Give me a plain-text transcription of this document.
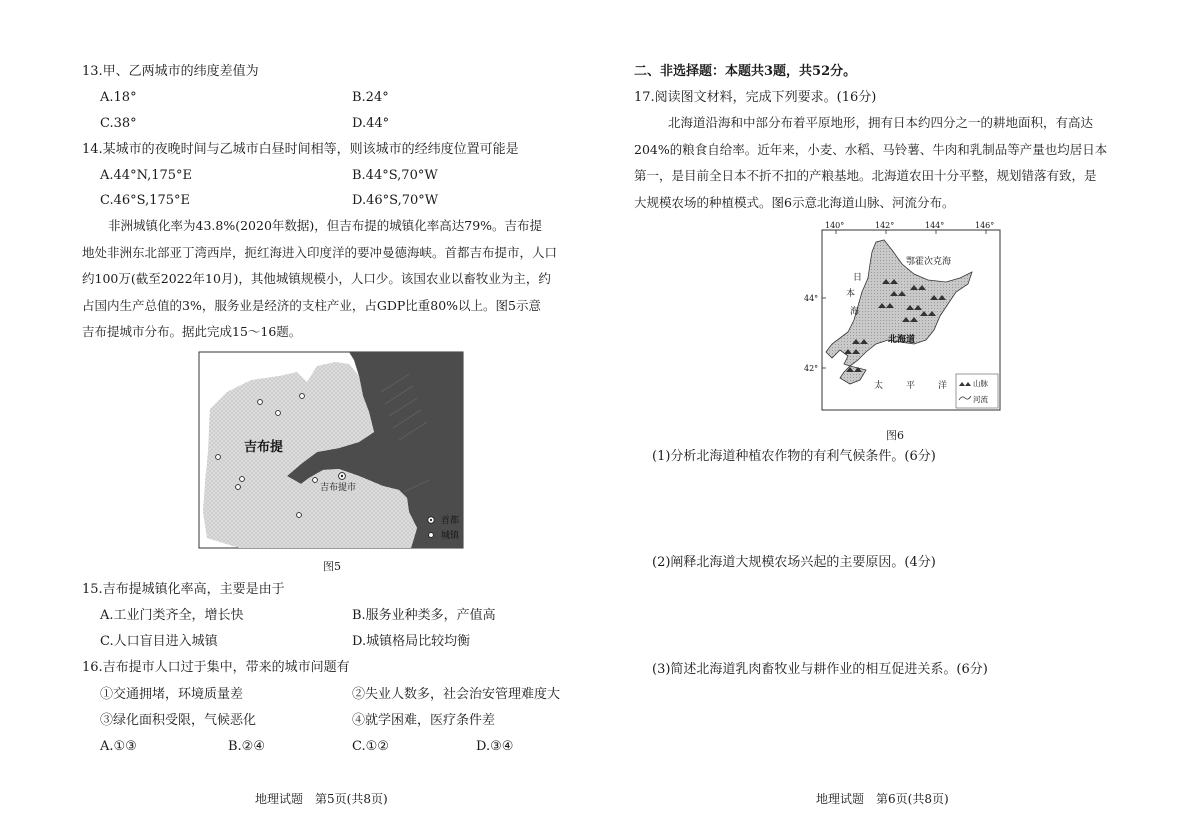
13.甲、乙两城市的纬度差值为
A.18°	B.24°
C.38°	D.44°
14.某城市的夜晚时间与乙城市白昼时间相等，则该城市的经纬度位置可能是
A.44°N,175°E	B.44°S,70°W
C.46°S,175°E	D.46°S,70°W
非洲城镇化率为43.8%(2020年数据)，但吉布提的城镇化率高达79%。吉布提
地处非洲东北部亚丁湾西岸，扼红海进入印度洋的要冲曼德海峡。首都吉布提市，人口
约100万(截至2022年10月)，其他城镇规模小，人口少。该国农业以畜牧业为主，约
占国内生产总值的3%，服务业是经济的支柱产业，占GDP比重80%以上。图5示意
吉布提城市分布。据此完成15～16题。
吉布提
吉布提市
首都
城镇
图5
15.吉布提城镇化率高，主要是由于
A.工业门类齐全，增长快	B.服务业种类多，产值高
C.人口盲目进入城镇	D.城镇格局比较均衡
16.吉布提市人口过于集中，带来的城市问题有
①交通拥堵，环境质量差	②失业人数多，社会治安管理难度大
③绿化面积受限，气候恶化	④就学困难，医疗条件差
A.①③	B.②④	C.①②	D.③④
地理试题　第5页(共8页)
二、非选择题：本题共3题，共52分。
17.阅读图文材料，完成下列要求。(16分)
北海道沿海和中部分布着平原地形，拥有日本约四分之一的耕地面积，有高达
204%的粮食自给率。近年来，小麦、水稻、马铃薯、牛肉和乳制品等产量也均居日本
第一，是目前全日本不折不扣的产粮基地。北海道农田十分平整，规划错落有致，是
大规模农场的种植模式。图6示意北海道山脉、河流分布。
140°	142°	144°	146°
44°
42°
日
本
海
鄂霍次克海
北海道
太	平	洋	山脉
河流
图6
(1)分析北海道种植农作物的有利气候条件。(6分)
(2)阐释北海道大规模农场兴起的主要原因。(4分)
(3)简述北海道乳肉畜牧业与耕作业的相互促进关系。(6分)
地理试题　第6页(共8页)
